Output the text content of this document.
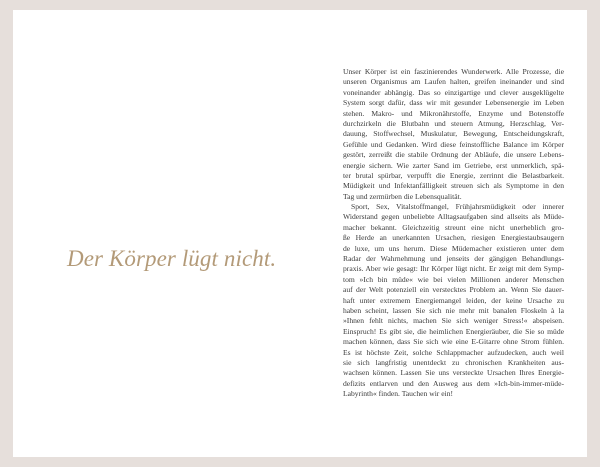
Der Körper lügt nicht.
Unser Körper ist ein faszinierendes Wunderwerk. Alle Prozesse, die
unseren Organismus am Laufen halten, greifen ineinander und sind
voneinander abhängig. Das so einzigartige und clever ausgeklügelte
System sorgt dafür, dass wir mit gesunder Lebensenergie im Leben
stehen. Makro- und Mikronährstoffe, Enzyme und Botenstoffe
durchzirkeln die Blutbahn und steuern Atmung, Herzschlag, Ver-
dauung, Stoffwechsel, Muskulatur, Bewegung, Entscheidungskraft,
Gefühle und Gedanken. Wird diese feinstoffliche Balance im Körper
gestört, zerreißt die stabile Ordnung der Abläufe, die unsere Lebens-
energie sichern. Wie zarter Sand im Getriebe, erst unmerklich, spä-
ter brutal spürbar, verpufft die Energie, zerrinnt die Belastbarkeit.
Müdigkeit und Infektanfälligkeit streuen sich als Symptome in den
Tag und zermürben die Lebensqualität.
Sport, Sex, Vitalstoffmangel, Frühjahrsmüdigkeit oder innerer
Widerstand gegen unbeliebte Alltagsaufgaben sind allseits als Müde-
macher bekannt. Gleichzeitig streunt eine nicht unerheblich gro-
ße Herde an unerkannten Ursachen, riesigen Energiestaubsaugern
de luxe, um uns herum. Diese Müdemacher existieren unter dem
Radar der Wahrnehmung und jenseits der gängigen Behandlungs-
praxis. Aber wie gesagt: Ihr Körper lügt nicht. Er zeigt mit dem Symp-
tom »Ich bin müde« wie bei vielen Millionen anderer Menschen
auf der Welt potenziell ein verstecktes Problem an. Wenn Sie dauer-
haft unter extremem Energiemangel leiden, der keine Ursache zu
haben scheint, lassen Sie sich nie mehr mit banalen Floskeln à la
»Ihnen fehlt nichts, machen Sie sich weniger Stress!« abspeisen.
Einspruch! Es gibt sie, die heimlichen Energieräuber, die Sie so müde
machen können, dass Sie sich wie eine E-Gitarre ohne Strom fühlen.
Es ist höchste Zeit, solche Schlappmacher aufzudecken, auch weil
sie sich langfristig unentdeckt zu chronischen Krankheiten aus-
wachsen können. Lassen Sie uns versteckte Ursachen Ihres Energie-
defizits entlarven und den Ausweg aus dem »Ich-bin-immer-müde-
Labyrinth« finden. Tauchen wir ein!
